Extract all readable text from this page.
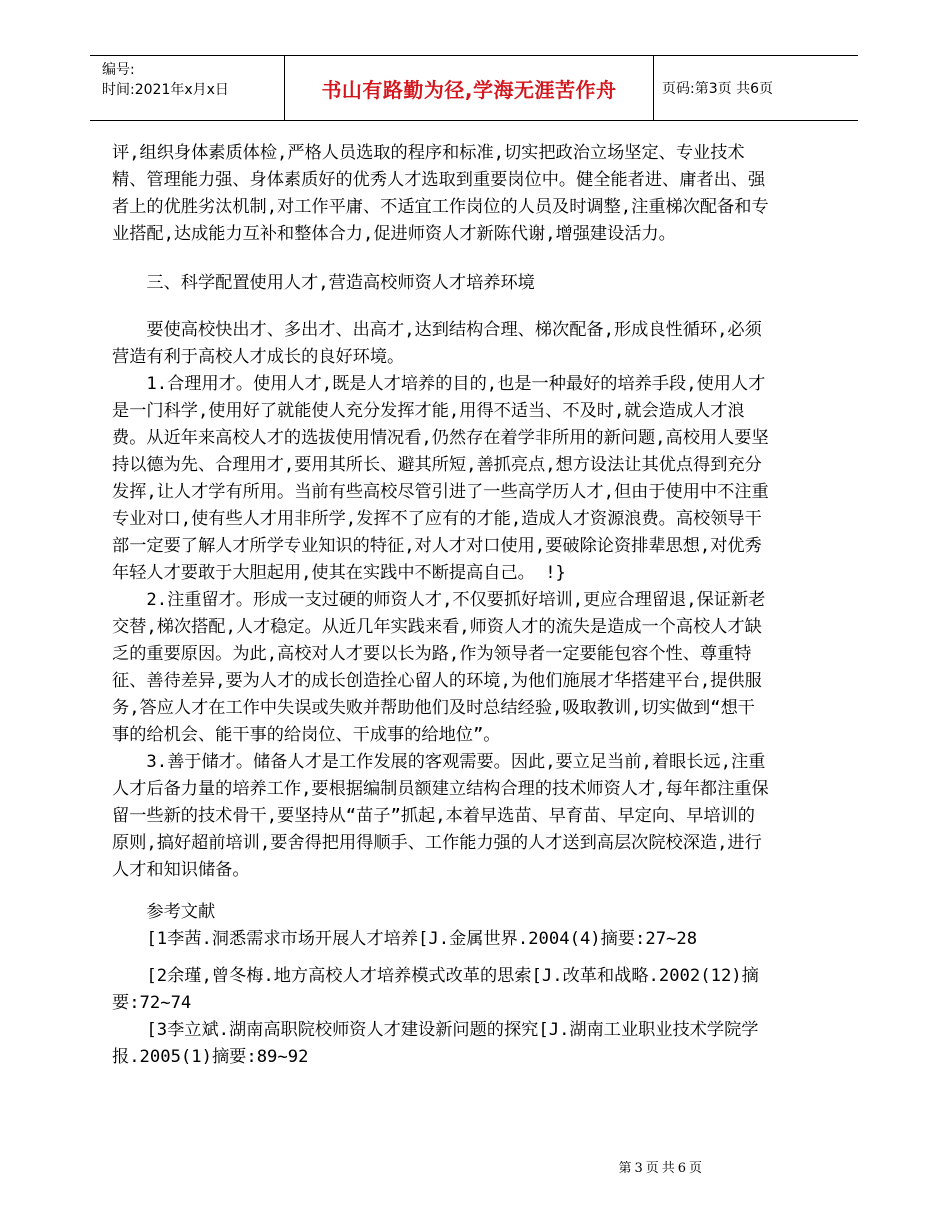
编号:
时间:2021年x月x日	书山有路勤为径,学海无涯苦作舟	页码:第3页 共6页

评,组织身体素质体检,严格人员选取的程序和标准,切实把政治立场坚定、专业技术精、管理能力强、身体素质好的优秀人才选取到重要岗位中。健全能者进、庸者出、强者上的优胜劣汰机制,对工作平庸、不适宜工作岗位的人员及时调整,注重梯次配备和专业搭配,达成能力互补和整体合力,促进师资人才新陈代谢,增强建设活力。

三、科学配置使用人才,营造高校师资人才培养环境

要使高校快出才、多出才、出高才,达到结构合理、梯次配备,形成良性循环,必须营造有利于高校人才成长的良好环境。

1.合理用才。使用人才,既是人才培养的目的,也是一种最好的培养手段,使用人才是一门科学,使用好了就能使人充分发挥才能,用得不适当、不及时,就会造成人才浪费。从近年来高校人才的选拔使用情况看,仍然存在着学非所用的新问题,高校用人要坚持以德为先、合理用才,要用其所长、避其所短,善抓亮点,想方设法让其优点得到充分发挥,让人才学有所用。当前有些高校尽管引进了一些高学历人才,但由于使用中不注重专业对口,使有些人才用非所学,发挥不了应有的才能,造成人才资源浪费。高校领导干部一定要了解人才所学专业知识的特征,对人才对口使用,要破除论资排辈思想,对优秀年轻人才要敢于大胆起用,使其在实践中不断提高自己。 !}

2.注重留才。形成一支过硬的师资人才,不仅要抓好培训,更应合理留退,保证新老交替,梯次搭配,人才稳定。从近几年实践来看,师资人才的流失是造成一个高校人才缺乏的重要原因。为此,高校对人才要以长为路,作为领导者一定要能包容个性、尊重特征、善待差异,要为人才的成长创造拴心留人的环境,为他们施展才华搭建平台,提供服务,答应人才在工作中失误或失败并帮助他们及时总结经验,吸取教训,切实做到“想干事的给机会、能干事的给岗位、干成事的给地位”。

3.善于储才。储备人才是工作发展的客观需要。因此,要立足当前,着眼长远,注重人才后备力量的培养工作,要根据编制员额建立结构合理的技术师资人才,每年都注重保留一些新的技术骨干,要坚持从“苗子”抓起,本着早选苗、早育苗、早定向、早培训的原则,搞好超前培训,要舍得把用得顺手、工作能力强的人才送到高层次院校深造,进行人才和知识储备。

参考文献

[1李茜.洞悉需求市场开展人才培养[J.金属世界.2004(4)摘要:27~28

[2余瑾,曾冬梅.地方高校人才培养模式改革的思索[J.改革和战略.2002(12)摘要:72~74

[3李立斌.湖南高职院校师资人才建设新问题的探究[J.湖南工业职业技术学院学报.2005(1)摘要:89~92

第3页共6页
